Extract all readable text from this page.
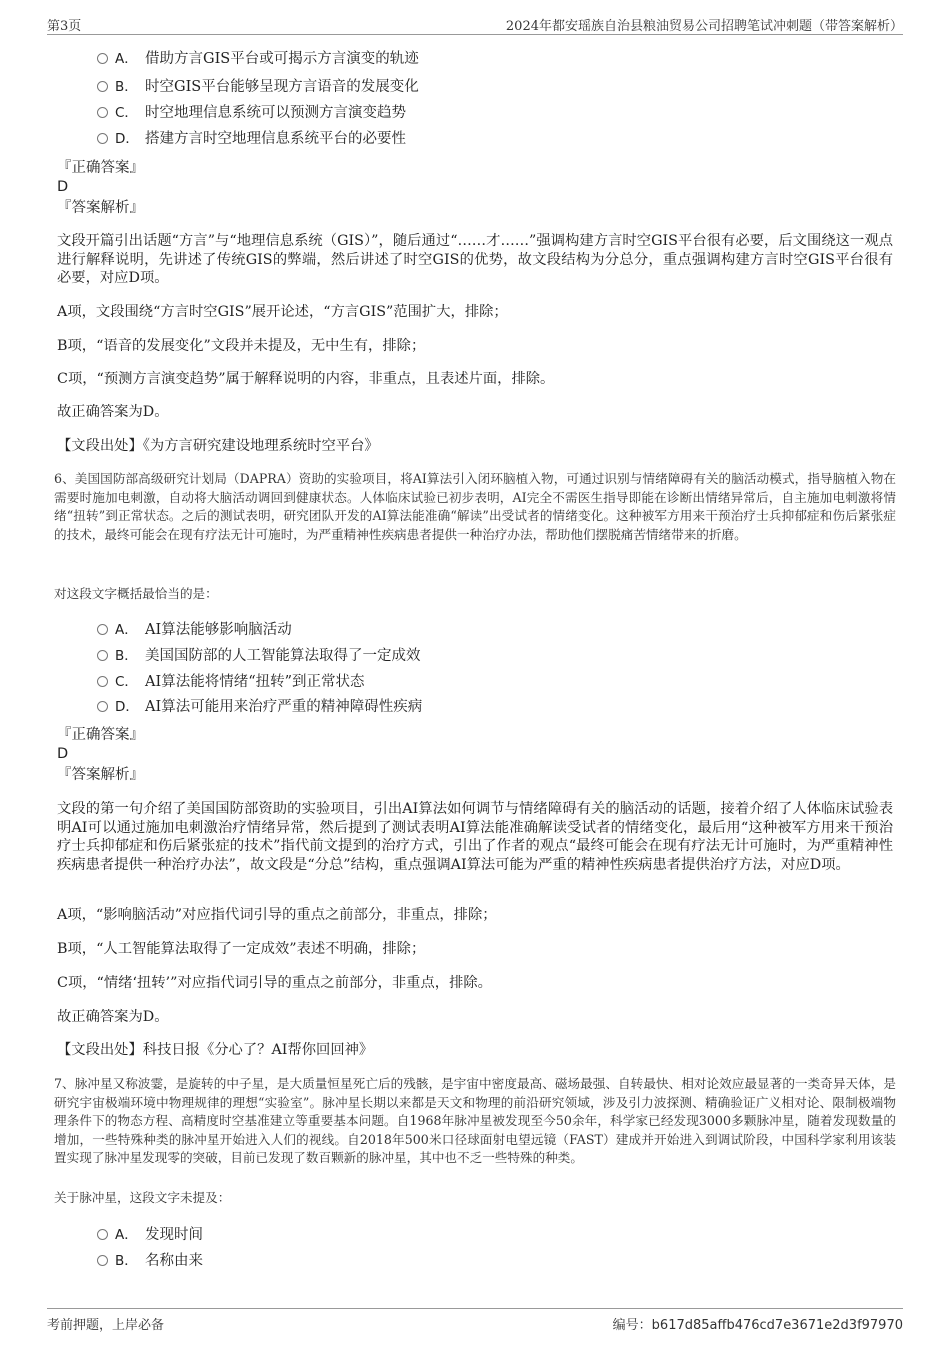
第3页	2024年都安瑶族自治县粮油贸易公司招聘笔试冲刺题（带答案解析）
A． 借助方言GIS平台或可揭示方言演变的轨迹
B． 时空GIS平台能够呈现方言语音的发展变化
C． 时空地理信息系统可以预测方言演变趋势
D． 搭建方言时空地理信息系统平台的必要性
『正确答案』
D
『答案解析』
文段开篇引出话题“方言”与“地理信息系统（GIS）”，随后通过“……才……”强调构建方言时空GIS平台很有必要，后文围绕这一观点进行解释说明，先讲述了传统GIS的弊端，然后讲述了时空GIS的优势，故文段结构为分总分，重点强调构建方言时空GIS平台很有必要，对应D项。
A项，文段围绕“方言时空GIS”展开论述，“方言GIS”范围扩大，排除；
B项，“语音的发展变化”文段并未提及，无中生有，排除；
C项，“预测方言演变趋势”属于解释说明的内容，非重点，且表述片面，排除。
故正确答案为D。
【文段出处】《为方言研究建设地理系统时空平台》
6、美国国防部高级研究计划局（DAPRA）资助的实验项目，将AI算法引入闭环脑植入物，可通过识别与情绪障碍有关的脑活动模式，指导脑植入物在需要时施加电刺激，自动将大脑活动调回到健康状态。人体临床试验已初步表明，AI完全不需医生指导即能在诊断出情绪异常后，自主施加电刺激将情绪“扭转”到正常状态。之后的测试表明，研究团队开发的AI算法能准确“解读”出受试者的情绪变化。这种被军方用来干预治疗士兵抑郁症和伤后紧张症的技术，最终可能会在现有疗法无计可施时，为严重精神性疾病患者提供一种治疗办法，帮助他们摆脱痛苦情绪带来的折磨。
对这段文字概括最恰当的是：
A． AI算法能够影响脑活动
B． 美国国防部的人工智能算法取得了一定成效
C． AI算法能将情绪“扭转”到正常状态
D． AI算法可能用来治疗严重的精神障碍性疾病
『正确答案』
D
『答案解析』
文段的第一句介绍了美国国防部资助的实验项目，引出AI算法如何调节与情绪障碍有关的脑活动的话题，接着介绍了人体临床试验表明AI可以通过施加电刺激治疗情绪异常，然后提到了测试表明AI算法能准确解读受试者的情绪变化，最后用“这种被军方用来干预治疗士兵抑郁症和伤后紧张症的技术”指代前文提到的治疗方式，引出了作者的观点“最终可能会在现有疗法无计可施时，为严重精神性疾病患者提供一种治疗办法”，故文段是“分总”结构，重点强调AI算法可能为严重的精神性疾病患者提供治疗方法，对应D项。
A项，“影响脑活动”对应指代词引导的重点之前部分，非重点，排除；
B项，“人工智能算法取得了一定成效”表述不明确，排除；
C项，“情绪‘扭转’”对应指代词引导的重点之前部分，非重点，排除。
故正确答案为D。
【文段出处】科技日报《分心了？AI帮你回回神》
7、脉冲星又称波霎，是旋转的中子星，是大质量恒星死亡后的残骸，是宇宙中密度最高、磁场最强、自转最快、相对论效应最显著的一类奇异天体，是研究宇宙极端环境中物理规律的理想“实验室”。脉冲星长期以来都是天文和物理的前沿研究领域，涉及引力波探测、精确验证广义相对论、限制极端物理条件下的物态方程、高精度时空基准建立等重要基本问题。自1968年脉冲星被发现至今50余年，科学家已经发现3000多颗脉冲星，随着发现数量的增加，一些特殊种类的脉冲星开始进入人们的视线。自2018年500米口径球面射电望远镜（FAST）建成并开始进入到调试阶段，中国科学家利用该装置实现了脉冲星发现零的突破，目前已发现了数百颗新的脉冲星，其中也不乏一些特殊的种类。
关于脉冲星，这段文字未提及：
A． 发现时间
B． 名称由来
考前押题，上岸必备	编号：b617d85affb476cd7e3671e2d3f97970
